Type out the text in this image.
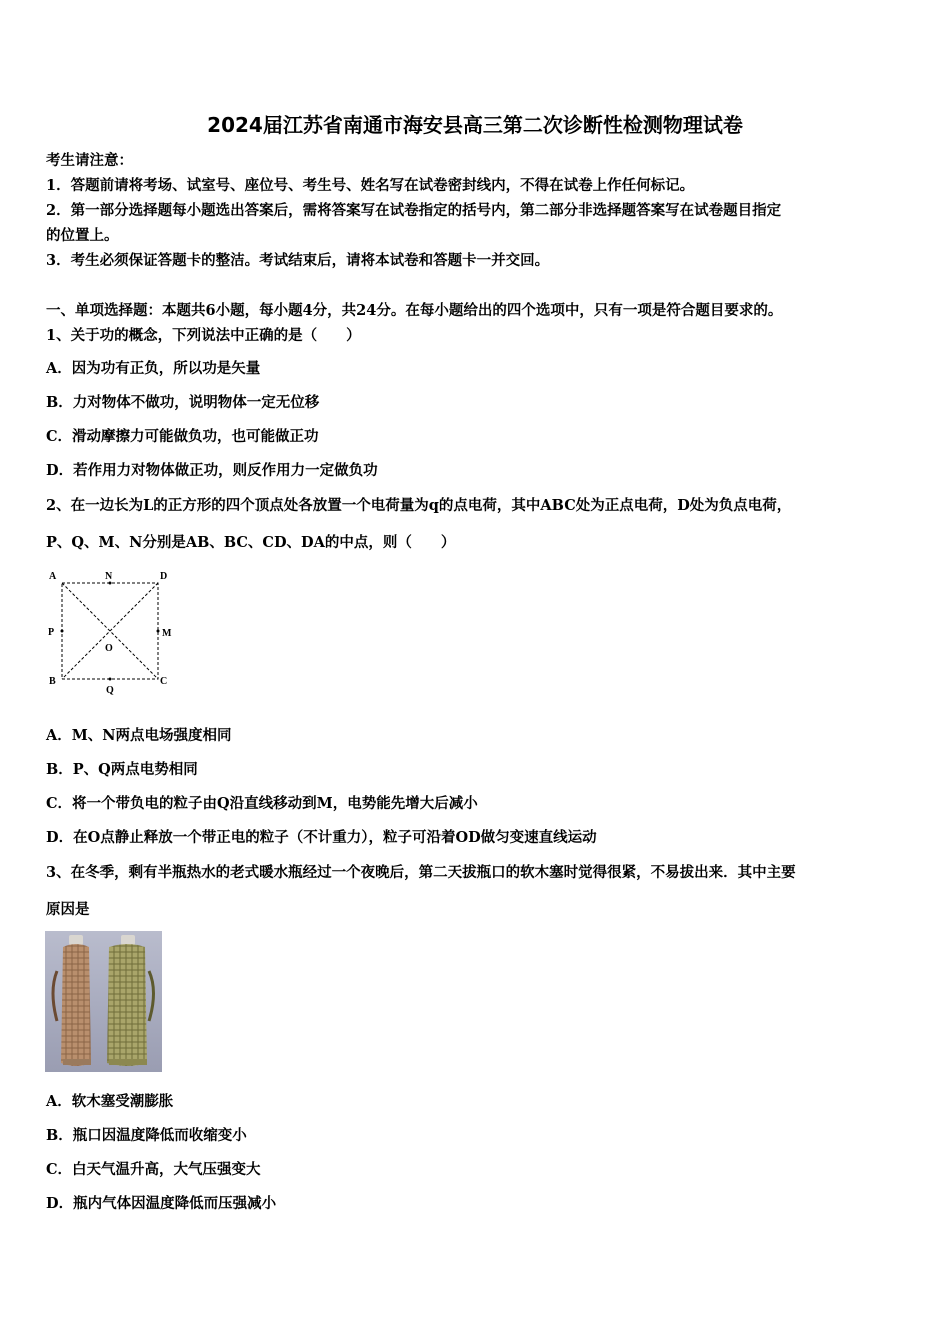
2024届江苏省南通市海安县高三第二次诊断性检测物理试卷
考生请注意：
1．答题前请将考场、试室号、座位号、考生号、姓名写在试卷密封线内，不得在试卷上作任何标记。
2．第一部分选择题每小题选出答案后，需将答案写在试卷指定的括号内，第二部分非选择题答案写在试卷题目指定
的位置上。
3．考生必须保证答题卡的整洁。考试结束后，请将本试卷和答题卡一并交回。
一、单项选择题：本题共6小题，每小题4分，共24分。在每小题给出的四个选项中，只有一项是符合题目要求的。
1、关于功的概念，下列说法中正确的是（　　）
A．因为功有正负，所以功是矢量
B．力对物体不做功，说明物体一定无位移
C．滑动摩擦力可能做负功，也可能做正功
D．若作用力对物体做正功，则反作用力一定做负功
2、在一边长为L的正方形的四个顶点处各放置一个电荷量为q的点电荷，其中ABC处为正点电荷，D处为负点电荷，
P、Q、M、N分别是AB、BC、CD、DA的中点，则（　　）
A	N	D
P	M
O
B
Q
C
A．M、N两点电场强度相同
B．P、Q两点电势相同
C．将一个带负电的粒子由Q沿直线移动到M，电势能先增大后减小
D．在O点静止释放一个带正电的粒子（不计重力），粒子可沿着OD做匀变速直线运动
3、在冬季，剩有半瓶热水的老式暖水瓶经过一个夜晚后，第二天拔瓶口的软木塞时觉得很紧，不易拔出来．其中主要
原因是
A．软木塞受潮膨胀
B．瓶口因温度降低而收缩变小
C．白天气温升高，大气压强变大
D．瓶内气体因温度降低而压强减小
